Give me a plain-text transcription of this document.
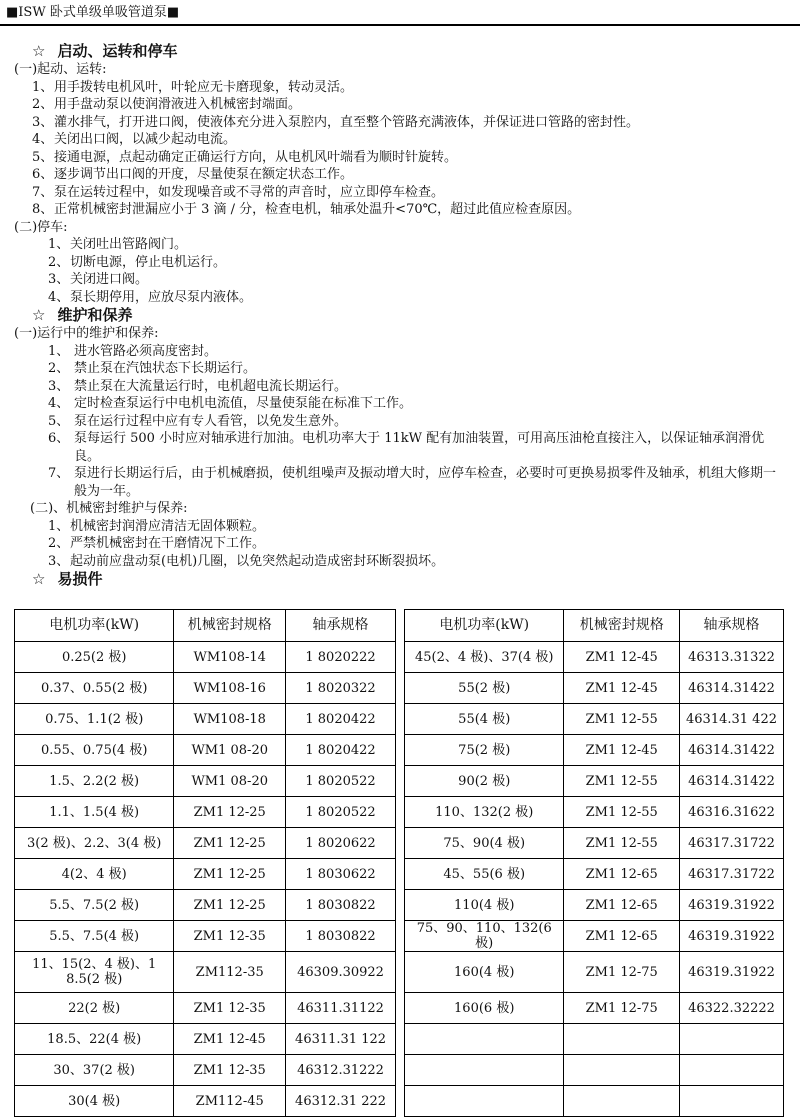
■ISW 卧式单级单吸管道泵■
☆ 启动、运转和停车
(一)起动、运转:
1、 用手拨转电机风叶，叶轮应无卡磨现象，转动灵活。
2、 用手盘动泵以使润滑液进入机械密封端面。
3、 灌水排气，打开进口阀，使液体充分进入泵腔内，直至整个管路充满液体，并保证进口管路的密封性。
4、 关闭出口阀，以减少起动电流。
5、 接通电源，点起动确定正确运行方向，从电机风叶端看为顺时针旋转。
6、 逐步调节出口阀的开度，尽量使泵在额定状态工作。
7、 泵在运转过程中，如发现噪音或不寻常的声音时，应立即停车检查。
8、 正常机械密封泄漏应小于 3 滴 / 分，检查电机，轴承处温升<70℃，超过此值应检查原因。
(二)停车:
1、 关闭吐出管路阀门。
2、 切断电源，停止电机运行。
3、 关闭进口阀。
4、 泵长期停用，应放尽泵内液体。
☆ 维护和保养
(一)运行中的维护和保养:
1、 进水管路必须高度密封。
2、 禁止泵在汽蚀状态下长期运行。
3、 禁止泵在大流量运行时，电机超电流长期运行。
4、 定时检查泵运行中电机电流值，尽量使泵能在标准下工作。
5、 泵在运行过程中应有专人看管，以免发生意外。
6、 泵每运行 500 小时应对轴承进行加油。电机功率大于 11kW 配有加油装置，可用高压油枪直接注入，以保证轴承润滑优良。
7、 泵进行长期运行后，由于机械磨损，使机组噪声及振动增大时，应停车检查，必要时可更换易损零件及轴承，机组大修期一般为一年。
(二)、机械密封维护与保养:
1、 机械密封润滑应清洁无固体颗粒。
2、 严禁机械密封在干磨情况下工作。
3、 起动前应盘动泵(电机)几圈，以免突然起动造成密封环断裂损坏。
☆ 易损件
电机功率(kW)	机械密封规格	轴承规格
0.25(2 极)	WM108-14	1 8020222
0.37、0.55(2 极)	WM108-16	1 8020322
0.75、1.1(2 极)	WM108-18	1 8020422
0.55、0.75(4 极)	WM1 08-20	1 8020422
1.5、2.2(2 极)	WM1 08-20	1 8020522
1.1、1.5(4 极)	ZM1 12-25	1 8020522
3(2 极)、2.2、3(4 极)	ZM1 12-25	1 8020622
4(2、4 极)	ZM1 12-25	1 8030622
5.5、7.5(2 极)	ZM1 12-25	1 8030822
5.5、7.5(4 极)	ZM1 12-35	1 8030822
11、15(2、4 极)、1 8.5(2 极)	ZM112-35	46309.30922
22(2 极)	ZM1 12-35	46311.31122
18.5、22(4 极)	ZM1 12-45	46311.31 122
30、37(2 极)	ZM1 12-35	46312.31222
30(4 极)	ZM112-45	46312.31 222
电机功率(kW)	机械密封规格	轴承规格
45(2、4 极)、37(4 极)	ZM1 12-45	46313.31322
55(2 极)	ZM1 12-45	46314.31422
55(4 极)	ZM1 12-55	46314.31 422
75(2 极)	ZM1 12-45	46314.31422
90(2 极)	ZM1 12-55	46314.31422
110、132(2 极)	ZM1 12-55	46316.31622
75、90(4 极)	ZM1 12-55	46317.31722
45、55(6 极)	ZM1 12-65	46317.31722
110(4 极)	ZM1 12-65	46319.31922
75、90、110、132(6 极)	ZM1 12-65	46319.31922
160(4 极)	ZM1 12-75	46319.31922
160(6 极)	ZM1 12-75	46322.32222
